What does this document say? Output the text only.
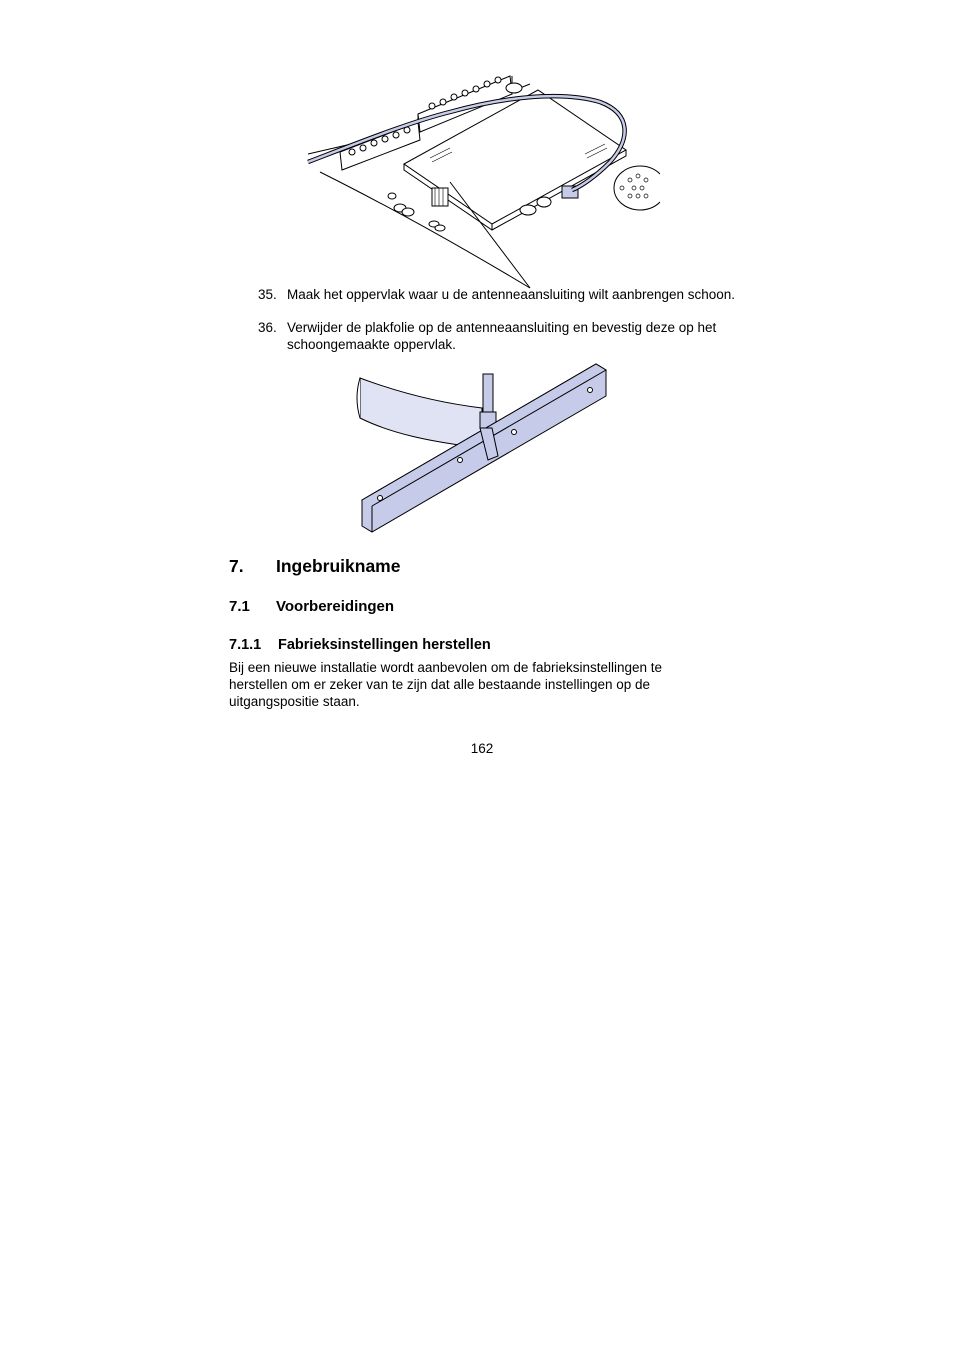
35. Maak het oppervlak waar u de antenneaansluiting wilt aanbrengen schoon.
36. Verwijder de plakfolie op de antenneaansluiting en bevestig deze op het schoongemaakte oppervlak.
7. Ingebruikname
7.1 Voorbereidingen
7.1.1 Fabrieksinstellingen herstellen
Bij een nieuwe installatie wordt aanbevolen om de fabrieksinstellingen te herstellen om er zeker van te zijn dat alle bestaande instellingen op de uitgangspositie staan.
162
